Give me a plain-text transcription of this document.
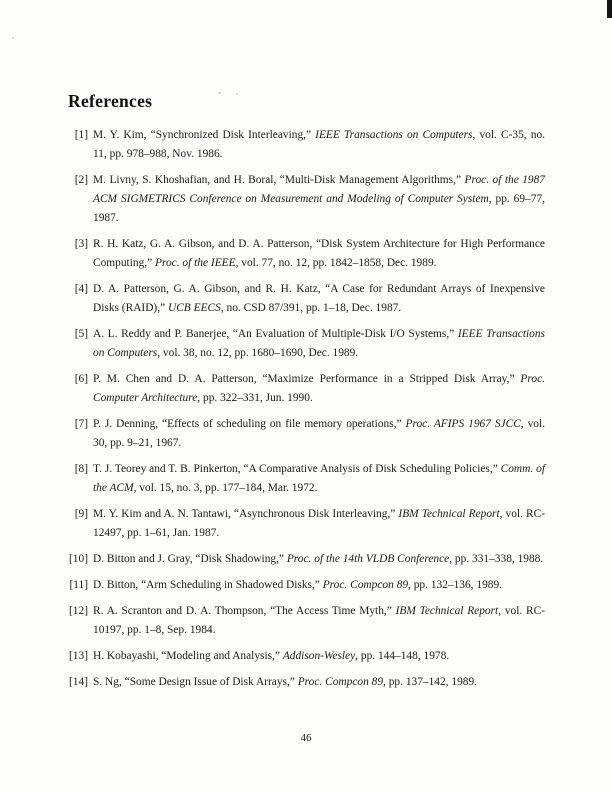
References
[1] M. Y. Kim, “Synchronized Disk Interleaving,” IEEE Transactions on Computers, vol. C-35, no. 11, pp. 978–988, Nov. 1986.
[2] M. Livny, S. Khoshafian, and H. Boral, “Multi-Disk Management Algorithms,” Proc. of the 1987 ACM SIGMETRICS Conference on Measurement and Modeling of Computer System, pp. 69–77, 1987.
[3] R. H. Katz, G. A. Gibson, and D. A. Patterson, “Disk System Architecture for High Performance Computing,” Proc. of the IEEE, vol. 77, no. 12, pp. 1842–1858, Dec. 1989.
[4] D. A. Patterson, G. A. Gibson, and R. H. Katz, “A Case for Redundant Arrays of Inexpensive Disks (RAID),” UCB EECS, no. CSD 87/391, pp. 1–18, Dec. 1987.
[5] A. L. Reddy and P. Banerjee, “An Evaluation of Multiple-Disk I/O Systems,” IEEE Transactions on Computers, vol. 38, no. 12, pp. 1680–1690, Dec. 1989.
[6] P. M. Chen and D. A. Patterson, “Maximize Performance in a Stripped Disk Array,” Proc. Computer Architecture, pp. 322–331, Jun. 1990.
[7] P. J. Denning, “Effects of scheduling on file memory operations,” Proc. AFIPS 1967 SJCC, vol. 30, pp. 9–21, 1967.
[8] T. J. Teorey and T. B. Pinkerton, “A Comparative Analysis of Disk Scheduling Policies,” Comm. of the ACM, vol. 15, no. 3, pp. 177–184, Mar. 1972.
[9] M. Y. Kim and A. N. Tantawi, “Asynchronous Disk Interleaving,” IBM Technical Report, vol. RC-12497, pp. 1–61, Jan. 1987.
[10] D. Bitton and J. Gray, “Disk Shadowing,” Proc. of the 14th VLDB Conference, pp. 331–338, 1988.
[11] D. Bitton, “Arm Scheduling in Shadowed Disks,” Proc. Compcon 89, pp. 132–136, 1989.
[12] R. A. Scranton and D. A. Thompson, “The Access Time Myth,” IBM Technical Report, vol. RC-10197, pp. 1–8, Sep. 1984.
[13] H. Kobayashi, “Modeling and Analysis,” Addison-Wesley, pp. 144–148, 1978.
[14] S. Ng, “Some Design Issue of Disk Arrays,” Proc. Compcon 89, pp. 137–142, 1989.
46
